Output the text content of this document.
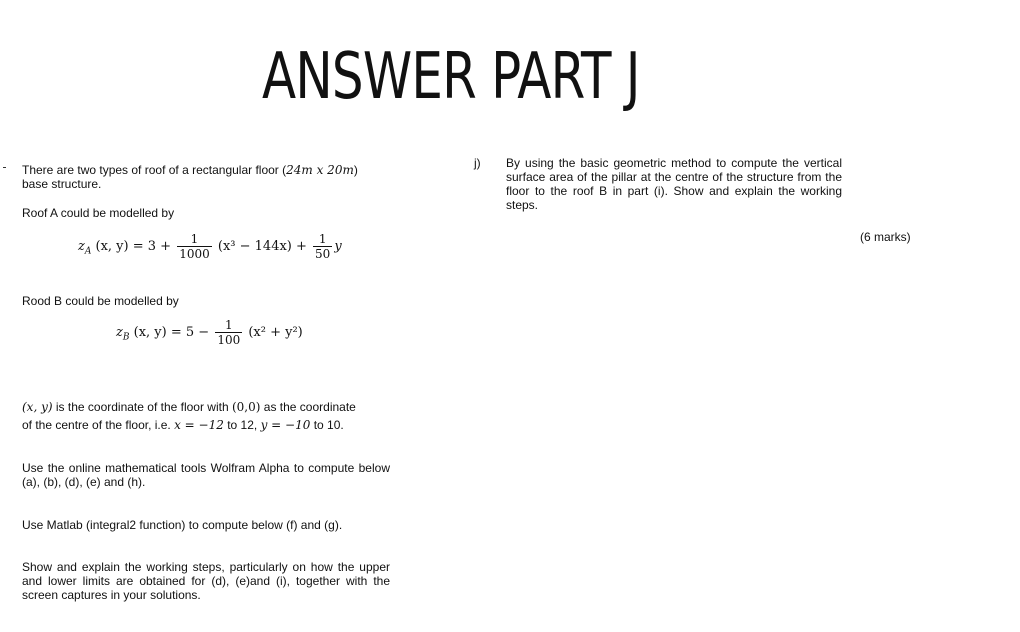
ANSWER PART J
There are two types of roof of a rectangular floor (24m x 20m)
base structure.
Roof A could be modelled by
$z_A$ (x, $y) = 3 + \frac{1}{1000} (x^3 - 144x) + \frac{1}{50}$ y
Rood B could be modelled by
$z_B$ (x, $y) = 5 - \frac{1}{100} (x^2 + y^2)$
(x, y) is the coordinate of the floor with (0,0) as the coordinate
of the centre of the floor, i.e. x = −12 to 12, y = −10 to 10.
Use the online mathematical tools Wolfram Alpha to compute below (a), (b), (d), (e) and (h).
Use Matlab (integral2 function) to compute below (f) and (g).
Show and explain the working steps, particularly on how the upper and lower limits are obtained for (d), (e)and (i), together with the screen captures in your solutions.
j) By using the basic geometric method to compute the vertical surface area of the pillar at the centre of the structure from the floor to the roof B in part (i). Show and explain the working steps.
(6 marks)
